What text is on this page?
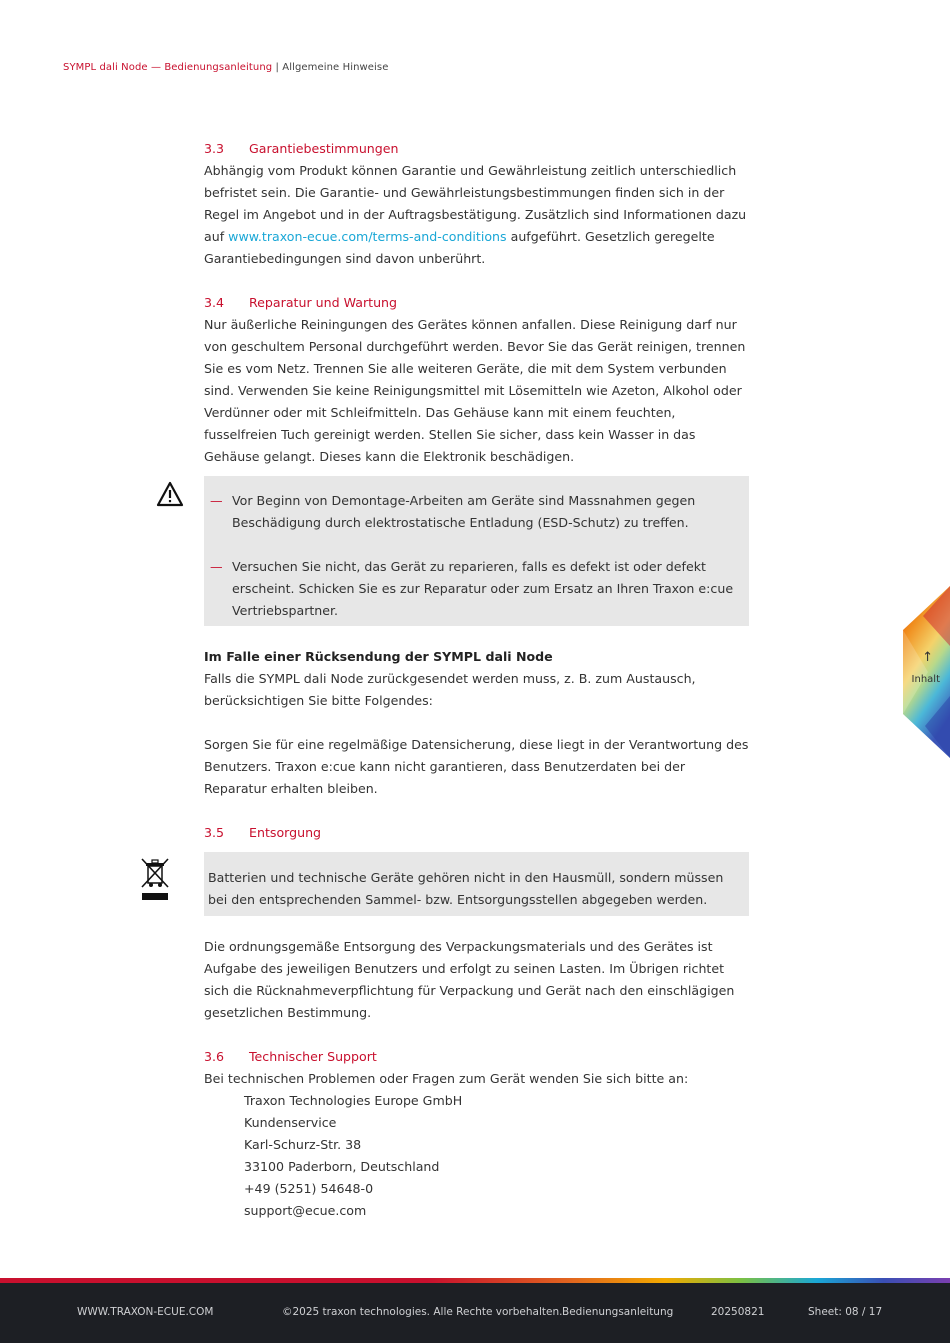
SYMPL dali Node — Bedienungsanleitung | Allgemeine Hinweise
↑
Inhalt
3.3	Garantiebestimmungen

Abhängig vom Produkt können Garantie und Gewährleistung zeitlich unterschiedlich befristet sein. Die Garantie- und Gewährleistungsbestimmungen finden sich in der Regel im Angebot und in der Auftragsbestätigung. Zusätzlich sind Informationen dazu auf www.traxon-ecue.com/terms-and-conditions aufgeführt. Gesetzlich geregelte Garantiebedingungen sind davon unberührt.

3.4	Reparatur und Wartung

Nur äußerliche Reiningungen des Gerätes können anfallen. Diese Reinigung darf nur von geschultem Personal durchgeführt werden. Bevor Sie das Gerät reinigen, trennen Sie es vom Netz. Trennen Sie alle weiteren Geräte, die mit dem System verbunden sind. Verwenden Sie keine Reinigungsmittel mit Lösemitteln wie Azeton, Alkohol oder Verdünner oder mit Schleifmitteln. Das Gehäuse kann mit einem feuchten, fusselfreien Tuch gereinigt werden. Stellen Sie sicher, dass kein Wasser in das Gehäuse gelangt. Dieses kann die Elektronik beschädigen.

— Vor Beginn von Demontage-Arbeiten am Geräte sind Massnahmen gegen Beschädigung durch elektrostatische Entladung (ESD-Schutz) zu treffen.
— Versuchen Sie nicht, das Gerät zu reparieren, falls es defekt ist oder defekt erscheint. Schicken Sie es zur Reparatur oder zum Ersatz an Ihren Traxon e:cue Vertriebspartner.

Im Falle einer Rücksendung der SYMPL dali Node

Falls die SYMPL dali Node zurückgesendet werden muss, z. B. zum Austausch, berücksichtigen Sie bitte Folgendes:

Sorgen Sie für eine regelmäßige Datensicherung, diese liegt in der Verantwortung des Benutzers. Traxon e:cue kann nicht garantieren, dass Benutzerdaten bei der Reparatur erhalten bleiben.

3.5	Entsorgung

Batterien und technische Geräte gehören nicht in den Hausmüll, sondern müssen bei den entsprechenden Sammel- bzw. Entsorgungsstellen abgegeben werden.

Die ordnungsgemäße Entsorgung des Verpackungsmaterials und des Gerätes ist Aufgabe des jeweiligen Benutzers und erfolgt zu seinen Lasten. Im Übrigen richtet sich die Rücknahmeverpflichtung für Verpackung und Gerät nach den einschlägigen gesetzlichen Bestimmung.

3.6	Technischer Support

Bei technischen Problemen oder Fragen zum Gerät wenden Sie sich bitte an:

Traxon Technologies Europe GmbH

Kundenservice

Karl-Schurz-Str. 38

33100 Paderborn, Deutschland

+49 (5251) 54648-0

support@ecue.com

WWW.TRAXON-ECUE.COM	©2025 traxon technologies. Alle Rechte vorbehalten. Bedienungsanleitung	20250821	Sheet: 08 / 17
